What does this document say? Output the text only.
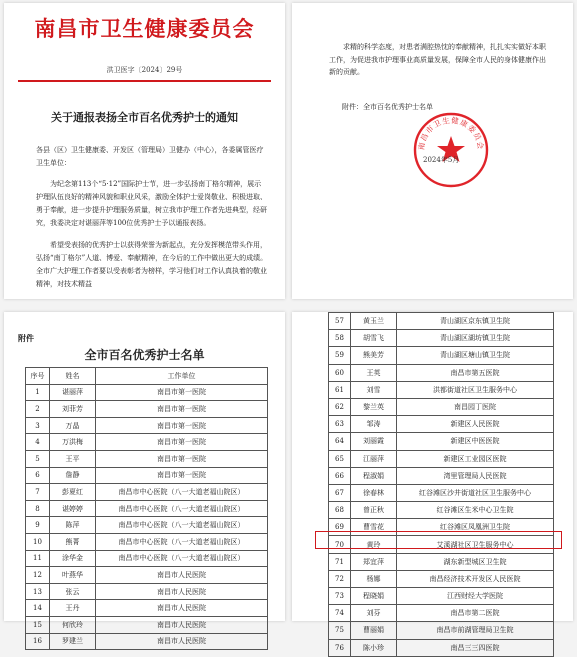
南昌市卫生健康委员会
洪卫医字〔2024〕29号
关于通报表扬全市百名优秀护士的通知
各县（区）卫生健康委、开发区（管理局）卫健办（中心），各委属管医疗卫生单位：
为纪念第113个“5·12”国际护士节，进一步弘扬南丁格尔精神，展示护理队伍良好的精神风貌和职业风采，激励全体护士爱岗敬业、积极进取、勇于奉献，进一步提升护理服务质量，树立我市护理工作者先进典型，经研究，我委决定对谌丽萍等100位优秀护士予以通报表扬。
希望受表扬的优秀护士以获得荣誉为新起点，充分发挥模范带头作用，弘扬“南丁格尔”人道、博爱、奉献精神，在今后的工作中做出更大的成绩。全市广大护理工作者要以受表彰者为榜样，学习他们对工作认真执着的敬业精神，对技术精益
求精的科学态度，对患者满腔热忱的奉献精神，扎扎实实做好本职工作，为促进我市护理事业高质量发展，保障全市人民的身体健康作出新的贡献。
附件：全市百名优秀护士名单
南昌市卫生健康委员会
2024年5月
附件
全市百名优秀护士名单
序号	姓名	工作单位
1	谌丽萍	南昌市第一医院
2	刘菲芳	南昌市第一医院
3	万晶	南昌市第一医院
4	万洪梅	南昌市第一医院
5	王平	南昌市第一医院
6	詹静	南昌市第一医院
7	彭夏红	南昌市中心医院（八一大道老福山院区）
8	谌婷婷	南昌市中心医院（八一大道老福山院区）
9	陈萍	南昌市中心医院（八一大道老福山院区）
10	熊菁	南昌市中心医院（八一大道老福山院区）
11	涂华金	南昌市中心医院（八一大道老福山院区）
12	叶燕华	南昌市人民医院
13	张云	南昌市人民医院
14	王丹	南昌市人民医院
15	何欣玲	南昌市人民医院
16	罗建兰	南昌市人民医院
57	黄玉兰	青山湖区京东镇卫生院
58	胡雪飞	青山湖区湖坊镇卫生院
59	熊美芳	青山湖区塘山镇卫生院
60	王英	南昌市第五医院
61	刘雪	洪都街道社区卫生服务中心
62	黎兰英	南昌园丁医院
63	邹涛	新建区人民医院
64	刘丽霞	新建区中医医院
65	江丽萍	新建区工业园区医院
66	程淑娟	湾里管理局人民医院
67	徐春林	红谷滩区沙井街道社区卫生服务中心
68	曾正秋	红谷滩区生米中心卫生院
69	曹雪花	红谷滩区凤凰洲卫生院
70	黄玲	艾溪湖社区卫生服务中心
71	郑宜萍	湖东新型城区卫生院
72	杨娜	南昌经济技术开发区人民医院
73	程晓娟	江西财经大学医院
74	刘芬	南昌市第二医院
75	曹丽娟	南昌市前湖管理局卫生院
76	陈小珍	南昌三三四医院
